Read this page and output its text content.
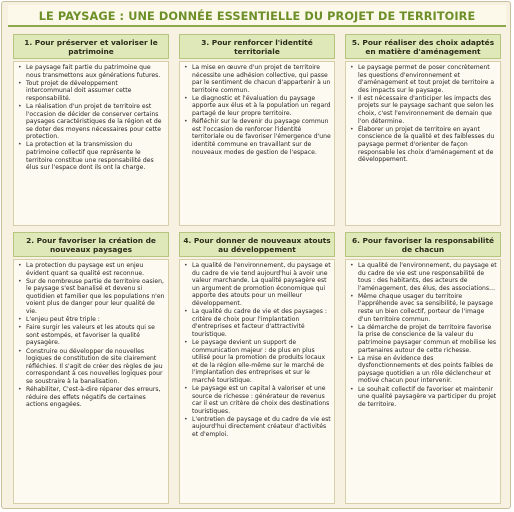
LE PAYSAGE : UNE DONNÉE ESSENTIELLE DU PROJET DE TERRITOIRE
1. Pour préserver et valoriser le patrimoine
• Le paysage fait partie du patrimoine que nous transmettons aux générations futures.
• Tout projet de développement intercommunal doit assumer cette responsabilité.
• La réalisation d'un projet de territoire est l'occasion de décider de conserver certains paysages caractéristiques de la région et de se doter des moyens nécessaires pour cette protection.
• La protection et la transmission du patrimoine collectif que représente le territoire constitue une responsabilité des élus sur l'espace dont ils ont la charge.
3. Pour renforcer l'identité territoriale
• La mise en œuvre d'un projet de territoire nécessite une adhésion collective, qui passe par le sentiment de chacun d'appartenir à un territoire commun.
• Le diagnostic et l'évaluation du paysage apporte aux élus et à la population un regard partagé de leur propre territoire.
• Réfléchir sur le devenir du paysage commun est l'occasion de renforcer l'identité territoriale ou de favoriser l'émergence d'une identité commune en travaillant sur de nouveaux modes de gestion de l'espace.
5. Pour réaliser des choix adaptés en matière d'aménagement
• Le paysage permet de poser concrètement les questions d'environnement et d'aménagement et tout projet de territoire a des impacts sur le paysage.
• Il est nécessaire d'anticiper les impacts des projets sur le paysage sachant que selon les choix, c'est l'environnement de demain que l'on détermine.
• Élaborer un projet de territoire en ayant conscience de la qualité et des faiblesses du paysage permet d'orienter de façon responsable les choix d'aménagement et de développement.
2. Pour favoriser la création de nouveaux paysages
• La protection du paysage est un enjeu évident quant sa qualité est reconnue.
• Sur de nombreuse partie de territoire oasien, le paysage s'est banalisé et devenu si quotidien et familier que les populations n'en voient plus de danger pour leur qualité de vie.
• L'enjeu peut être triple :
• Faire surgir les valeurs et les atouts qui se sont estompés, et favoriser la qualité paysagère.
• Construire ou développer de nouvelles logiques de constitution de site clairement réfléchies. Il s'agit de créer des règles de jeu correspondant à ces nouvelles logiques pour se soustraire à la banalisation.
• Réhabiliter, C'est-à-dire réparer des erreurs, réduire des effets négatifs de certaines actions engagées.
4. Pour donner de nouveaux atouts au développement
• La qualité de l'environnement, du paysage et du cadre de vie tend aujourd'hui à avoir une valeur marchande. La qualité paysagère est un argument de promotion économique qui apporte des atouts pour un meilleur développement.
• La qualité du cadre de vie et des paysages : critère de choix pour l'implantation d'entreprises et facteur d'attractivité touristique.
• Le paysage devient un support de communication majeur : de plus en plus utilisé pour la promotion de produits locaux et de la région elle-même sur le marché de l'implantation des entreprises et sur le marché touristique.
• Le paysage est un capital à valoriser et une source de richesse : générateur de revenus car il est un critère de choix des destinations touristiques.
• L'entretien de paysage et du cadre de vie est aujourd'hui directement créateur d'activités et d'emploi.
6. Pour favoriser la responsabilité de chacun
• La qualité de l'environnement, du paysage et du cadre de vie est une responsabilité de tous : des habitants, des acteurs de l'aménagement, des élus, des associations…
• Même chaque usager du territoire l'appréhende avec sa sensibilité, le paysage reste un bien collectif, porteur de l'image d'un territoire commun.
• La démarche de projet de territoire favorise la prise de conscience de la valeur du patrimoine paysager commun et mobilise les partenaires autour de cette richesse.
• La mise en évidence des dysfonctionnements et des points faibles de paysage quotidien a un rôle déclencheur et motive chacun pour intervenir.
• Le souhait collectif de favoriser et maintenir une qualité paysagère va participer du projet de territoire.
